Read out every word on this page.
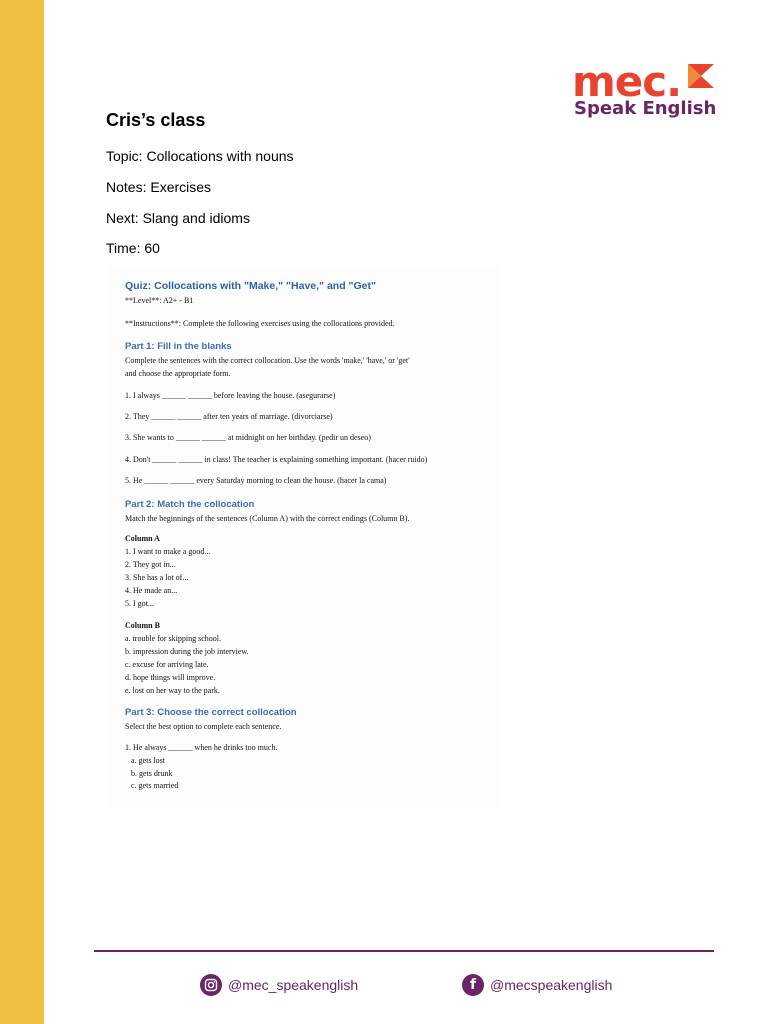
mec.
Speak English
Cris’s class
Topic: Collocations with nouns
Notes: Exercises
Next: Slang and idioms
Time: 60
Quiz: Collocations with "Make," "Have," and "Get"
**Level**: A2+ - B1
**Instructions**: Complete the following exercises using the collocations provided.
Part 1: Fill in the blanks
Complete the sentences with the correct collocation. Use the words 'make,' 'have,' or 'get'
and choose the appropriate form.
1. I always ______ ______ before leaving the house. (asegurarse)
2. They ______ ______ after ten years of marriage. (divorciarse)
3. She wants to ______ ______ at midnight on her birthday. (pedir un deseo)
4. Don't ______ ______ in class! The teacher is explaining something important. (hacer ruido)
5. He ______ ______ every Saturday morning to clean the house. (hacer la cama)
Part 2: Match the collocation
Match the beginnings of the sentences (Column A) with the correct endings (Column B).
Column A
1. I want to make a good...
2. They got in...
3. She has a lot of...
4. He made an...
5. I got...
Column B
a. trouble for skipping school.
b. impression during the job interview.
c. excuse for arriving late.
d. hope things will improve.
e. lost on her way to the park.
Part 3: Choose the correct collocation
Select the best option to complete each sentence.
1. He always ______ when he drinks too much.
a. gets lost
b. gets drunk
c. gets married
@mec_speakenglish	f @mecspeakenglish
